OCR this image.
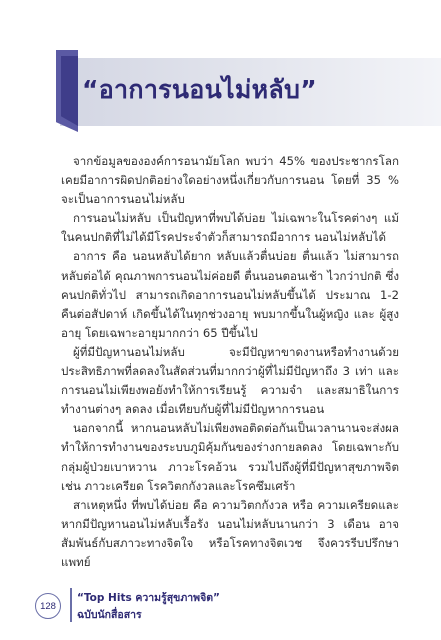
“อาการนอนไม่หลับ”

จากข้อมูลขององค์การอนามัยโลก พบว่า 45% ของประชากรโลก เคยมีอาการผิดปกติอย่างใดอย่างหนึ่งเกี่ยวกับการนอน โดยที่ 35 % จะเป็นอาการนอนไม่หลับ

การนอนไม่หลับ เป็นปัญหาที่พบได้บ่อย ไม่เฉพาะในโรคต่างๆ แม้ในคนปกติที่ไม่ได้มีโรคประจำตัวก็สามารถมีอาการ นอนไม่หลับได้

อาการ คือ นอนหลับได้ยาก หลับแล้วตื่นบ่อย ตื่นแล้ว ไม่สามารถหลับต่อได้ คุณภาพการนอนไม่ค่อยดี ตื่นนอนตอนเช้า ไวกว่าปกติ ซึ่งคนปกติทั่วไป สามารถเกิดอาการนอนไม่หลับขึ้นได้ ประมาณ 1-2 คืนต่อสัปดาห์ เกิดขึ้นได้ในทุกช่วงอายุ พบมากขึ้นในผู้หญิง และ ผู้สูงอายุ โดยเฉพาะอายุมากกว่า 65 ปีขึ้นไป

ผู้ที่มีปัญหานอนไม่หลับ จะมีปัญหาขาดงานหรือทำงานด้วยประสิทธิภาพที่ลดลงในสัดส่วนที่มากกว่าผู้ที่ไม่มีปัญหาถึง 3 เท่า และการนอนไม่เพียงพอยังทำให้การเรียนรู้ ความจำ และสมาธิในการทำงานต่างๆ ลดลง เมื่อเทียบกับผู้ที่ไม่มีปัญหาการนอน

นอกจากนี้ หากนอนหลับไม่เพียงพอติดต่อกันเป็นเวลานานจะส่งผลทำให้การทำงานของระบบภูมิคุ้มกันของร่างกายลดลง โดยเฉพาะกับกลุ่มผู้ป่วยเบาหวาน ภาวะโรคอ้วน รวมไปถึงผู้ที่มีปัญหาสุขภาพจิต เช่น ภาวะเครียด โรควิตกกังวลและโรคซึมเศร้า

สาเหตุหนึ่ง ที่พบได้บ่อย คือ ความวิตกกังวล หรือ ความเครียดและหากมีปัญหานอนไม่หลับเรื้อรัง นอนไม่หลับนานกว่า 3 เดือน อาจสัมพันธ์กับสภาวะทางจิตใจ หรือโรคทางจิตเวช จึงควรรีบปรึกษาแพทย์

128
“Top Hits ความรู้สุขภาพจิต”
ฉบับนักสื่อสาร
